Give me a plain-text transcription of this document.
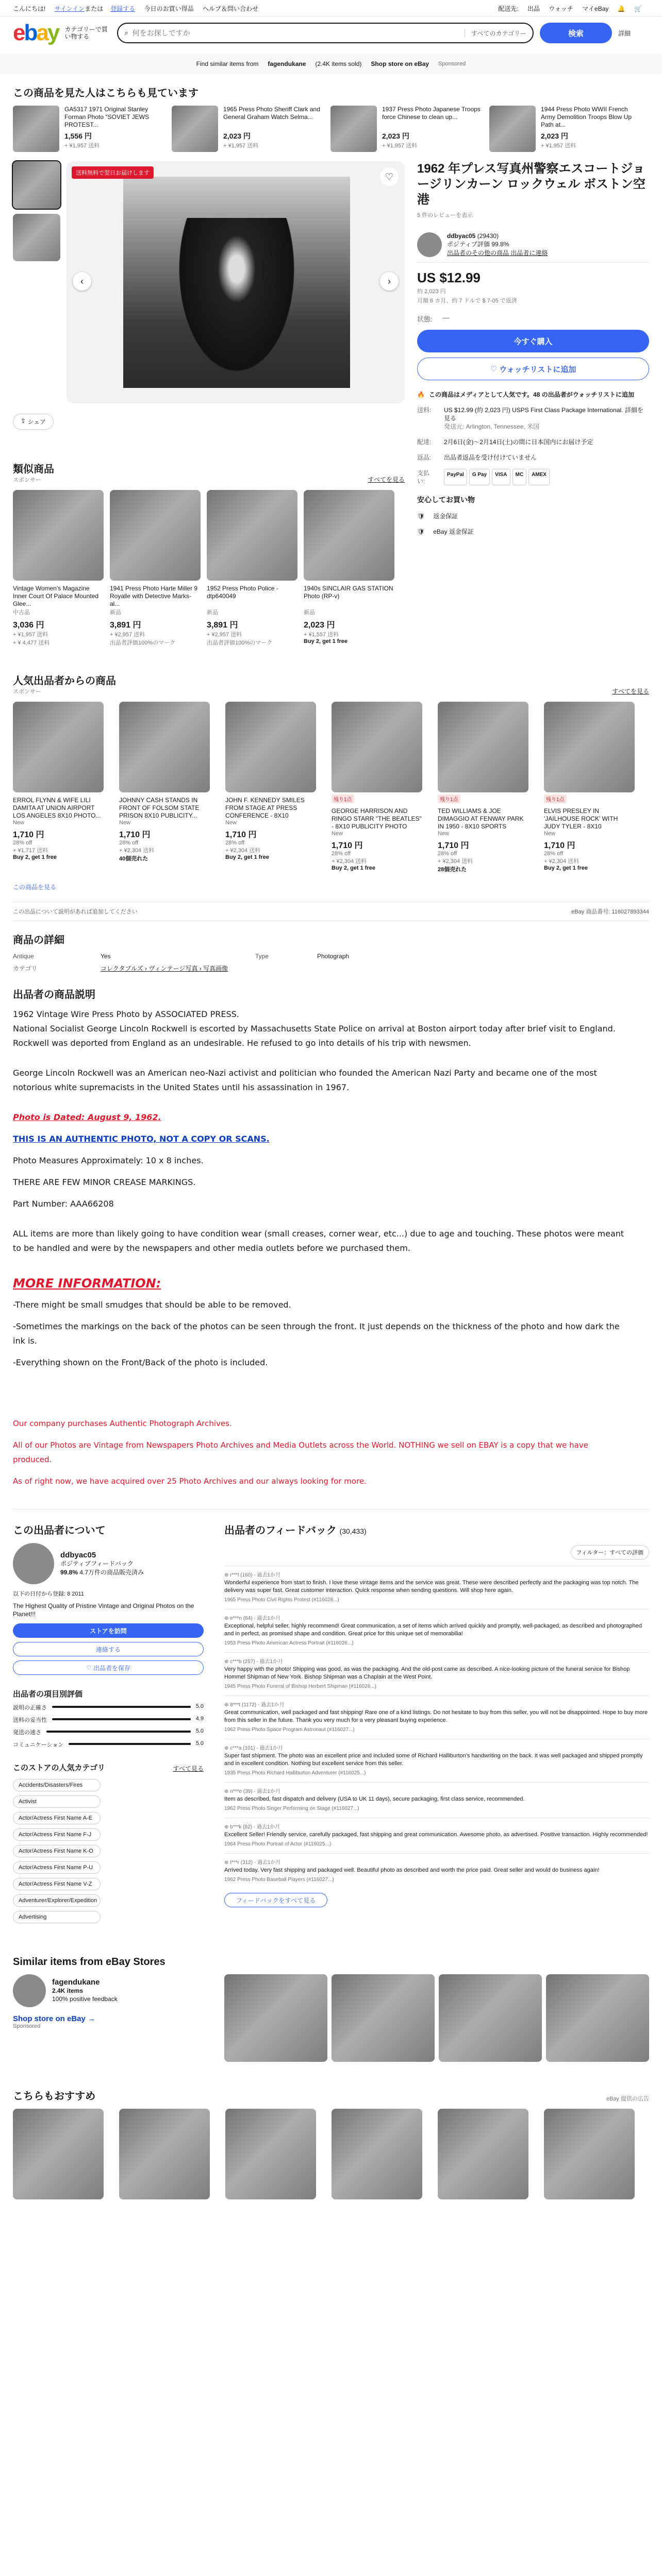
こんにちは! サインインまたは 登録する 今日のお買い得品 ヘルプ＆問い合わせ	配送先: 出品 ウォッチ マイeBay 🔔 🛒
ebay カテゴリーで買い物する	⌕
何をお探しですか	すべてのカテゴリー	検索	詳細
Find similar items from fagendukane (2.4K items sold) Shop store on eBay Sponsored
この商品を見た人はこちらも見ています
GA5317 1971 Original Stanley Forman Photo "SOVIET JEWS PROTEST...
1,556 円
+ ¥1,957 送料
1965 Press Photo Sheriff Clark and General Graham Watch Selma...
2,023 円
+ ¥1,957 送料
1937 Press Photo Japanese Troops force Chinese to clean up...
2,023 円
+ ¥1,957 送料
1944 Press Photo WWII French Army Demolition Troops Blow Up Path at...
2,023 円
+ ¥1,957 送料
送料無料で翌日お届けします	♡
‹	›
⇪ シェア
類似商品
スポンサー	すべてを見る
Vintage Women's Magazine Inner Court Of Palace Mounted Glee...
中古品
3,036 円
+ ¥1,957 送料
+ ¥ 4,477 送料
1941 Press Photo Harte Miller 9 Royalle with Detective Marks-al...
新品
3,891 円
+ ¥2,957 送料
出品者評価100%のマーク
1952 Press Photo Police -dtp640049
新品
3,891 円
+ ¥2,957 送料
出品者評価100%のマーク
1940s SINCLAIR GAS STATION Photo (RP-v)
新品
2,023 円
+ ¥1,557 送料
Buy 2, get 1 free
1962 年プレス写真州警察エスコートジョージリンカーン ロックウェル ボストン空港
5 件のレビューを表示
ddbyac05 (29430)
ポジティブ評価 99.8%
出品者のその他の商品 出品者に連絡
US $12.99
約 2,023 円
月額 6 カ月、約 7 ドルで $ 7-05 で返済
状態: —
今すぐ購入
♡ ウォッチリストに追加
🔥 この商品はメディアとして人気です。48 の出品者がウォッチリストに追加
送料:	US $12.99 (約 2,023 円) USPS First Class Package International. 詳細を見る
発送元: Arlington, Tennessee, 米国
配達:	2月6日(金)～2月14日(土)の間に日本国内にお届け予定
返品:	出品者返品を受け付けていません
支払い:
PayPal	G Pay	VISA	MC	AMEX
安心してお買い物
🛡 返金保証
🛡 eBay 返金保証
人気出品者からの商品
スポンサー	すべてを見る
ERROL FLYNN & WIFE LILI DAMITA AT UNION AIRPORT LOS ANGELES 8X10 PHOTO...
New
1,710 円
28% off
+ ¥1,717 送料
Buy 2, get 1 free
JOHNNY CASH STANDS IN FRONT OF FOLSOM STATE PRISON 8X10 PUBLICITY...
New
1,710 円
28% off
+ ¥2,304 送料
40個売れた
JOHN F. KENNEDY SMILES FROM STAGE AT PRESS CONFERENCE - 8X10
New
1,710 円
28% off
+ ¥2,304 送料
Buy 2, get 1 free
残り1点
GEORGE HARRISON AND RINGO STARR "THE BEATLES" - 8X10 PUBLICITY PHOTO
New
1,710 円
28% off
+ ¥2,304 送料
Buy 2, get 1 free
残り1点
TED WILLIAMS & JOE DIMAGGIO AT FENWAY PARK IN 1950 - 8X10 SPORTS
New
1,710 円
28% off
+ ¥2,304 送料
28個売れた
残り1点
ELVIS PRESLEY IN 'JAILHOUSE ROCK' WITH JUDY TYLER - 8X10
New
1,710 円
28% off
+ ¥2,304 送料
Buy 2, get 1 free
この商品を見る
この出品について説明があれば追加してください	eBay 商品番号: 116027893344
商品の詳細
Antique	Yes	Type	Photograph
カテゴリ	コレクタブルズ › ヴィンテージ写真 › 写真画像
出品者の商品説明

1962 Vintage Wire Press Photo by ASSOCIATED PRESS.

National Socialist George Lincoln Rockwell is escorted by Massachusetts State Police on arrival at Boston airport today after brief visit to England. Rockwell was deported from England as an undesirable. He refused to go into details of his trip with newsmen.

George Lincoln Rockwell was an American neo-Nazi activist and politician who founded the American Nazi Party and became one of the most notorious white supremacists in the United States until his assassination in 1967.

Photo is Dated: August 9, 1962.

THIS IS AN AUTHENTIC PHOTO, NOT A COPY OR SCANS.

Photo Measures Approximately: 10 x 8 inches.

THERE ARE FEW MINOR CREASE MARKINGS.

Part Number: AAA66208

ALL items are more than likely going to have condition wear (small creases, corner wear, etc...) due to age and touching. These photos were meant to be handled and were by the newspapers and other media outlets before we purchased them.

MORE INFORMATION:

-There might be small smudges that should be able to be removed.

-Sometimes the markings on the back of the photos can be seen through the front. It just depends on the thickness of the photo and how dark the ink is.

-Everything shown on the Front/Back of the photo is included.

Our company purchases Authentic Photograph Archives.

All of our Photos are Vintage from Newspapers Photo Archives and Media Outlets across the World. NOTHING we sell on EBAY is a copy that we have produced.

As of right now, we have acquired over 25 Photo Archives and our always looking for more.

この出品者について
ddbyac05
ポジティブフィードバック
99.8% 4.7万件の商品販売済み
以下の日付から登録: 8 2011
The Highest Quality of Pristine Vintage and Original Photos on the Planet!!!
ストアを訪問
連絡する
♡ 出品者を保存
出品者の項目別評価
説明の正確さ	5.0
送料の妥当性	4.9
発送の速さ	5.0
コミュニケーション	5.0
このストアの人気カテゴリ	すべて見る
Accidents/Disasters/Fires
Activist
Actor/Actress First Name A-E
Actor/Actress First Name F-J
Actor/Actress First Name K-O
Actor/Actress First Name P-U
Actor/Actress First Name V-Z
Adventurer/Explorer/Expedition
Advertising
出品者のフィードバック (30,433)
フィルター：すべての評価
⊕ r***l (160) - 過去1か月
Wonderful experience from start to finish. I love these vintage items and the service was great. These were described perfectly and the packaging was top notch. The delivery was super fast. Great customer interaction. Quick response when sending questions. Will shop here again.
1965 Press Photo Civil Rights Protest (#116028...)
⊕ e***n (64) - 過去1か月
Exceptional, helpful seller, highly recommend! Great communication, a set of items which arrived quickly and promptly, well-packaged, as described and photographed and in perfect, as promised shape and condition. Great price for this unique set of memorabilia!
1953 Press Photo American Actress Portrait (#116026...)
⊕ c***b (257) - 過去1か月
Very happy with the photo! Shipping was good, as was the packaging. And the old-post came as described. A nice-looking picture of the funeral service for Bishop Hommel Shipman of New York. Bishop Shipman was a Chaplain at the West Point.
1945 Press Photo Funeral of Bishop Herbert Shipman (#116026...)
⊕ 8***t (1172) - 過去1か月
Great communication, well packaged and fast shipping! Rare one of a kind listings. Do not hesitate to buy from this seller, you will not be disappointed. Hope to buy more from this seller in the future. Thank you very much for a very pleasant buying experience.
1962 Press Photo Space Program Astronaut (#116027...)
⊕ c***a (101) - 過去1か月
Super fast shipment. The photo was an excellent price and included some of Richard Halliburton's handwriting on the back. It was well packaged and shipped promptly and in excellent condition. Nothing but excellent service from this seller.
1935 Press Photo Richard Halliburton Adventurer (#116025...)
⊕ n***e (39) - 過去1か月
Item as described, fast dispatch and delivery (USA to UK 11 days), secure packaging, first class service, recommended.
1962 Press Photo Singer Performing on Stage (#116027...)
⊕ b***k (82) - 過去1か月
Excellent Seller! Friendly service, carefully packaged, fast shipping and great communication. Awesome photo, as advertised. Positive transaction. Highly recommended!
1964 Press Photo Portrait of Actor (#116025...)
⊕ t***r (312) - 過去1か月
Arrived today. Very fast shipping and packaged well. Beautiful photo as described and worth the price paid. Great seller and would do business again!
1962 Press Photo Baseball Players (#116027...)
フィードバックをすべて見る
Similar items from eBay Stores
fagendukane
2.4K items
100% positive feedback
Shop store on eBay →
Sponsored
こちらもおすすめ	eBay 提供の広告
